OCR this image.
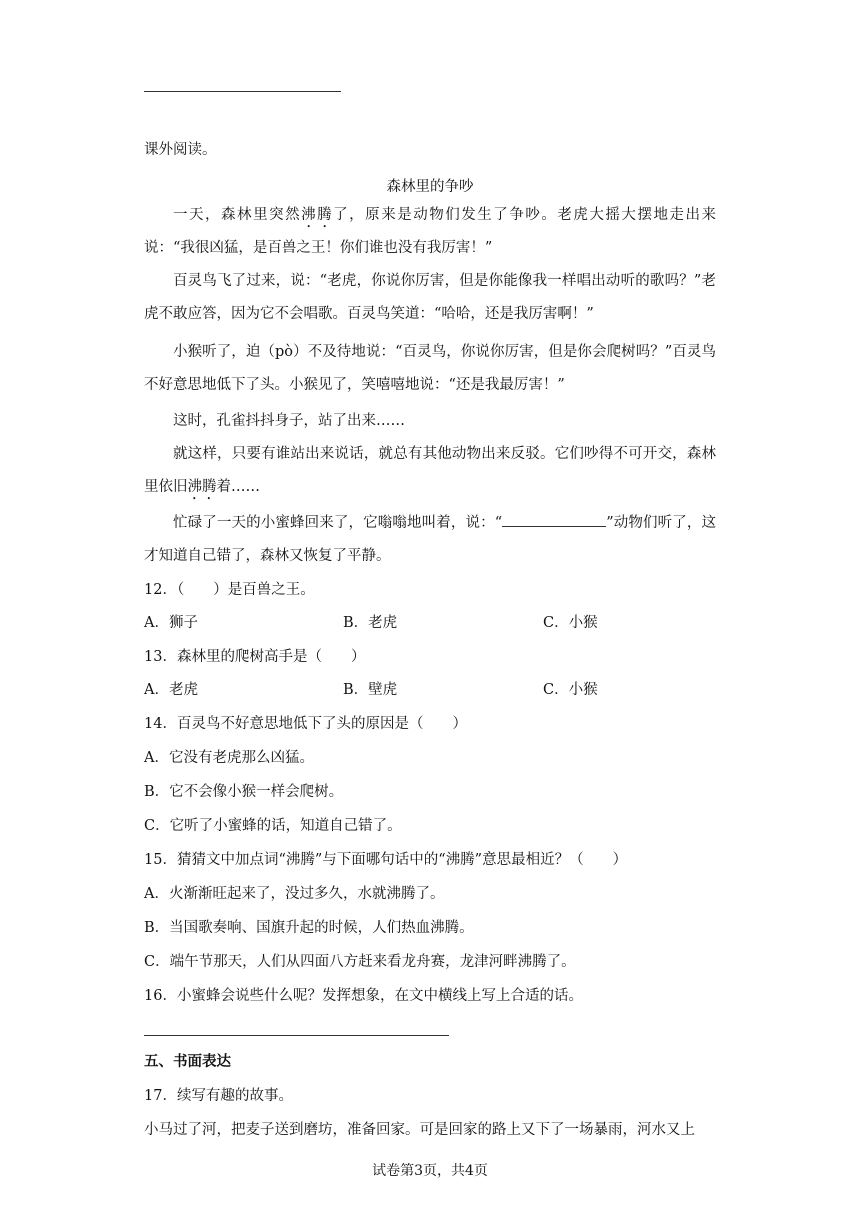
课外阅读。
森林里的争吵
一天，森林里突然沸腾了，原来是动物们发生了争吵。老虎大摇大摆地走出来说：“我很凶猛，是百兽之王！你们谁也没有我厉害！”
百灵鸟飞了过来，说：“老虎，你说你厉害，但是你能像我一样唱出动听的歌吗？”老虎不敢应答，因为它不会唱歌。百灵鸟笑道：“哈哈，还是我厉害啊！”
小猴听了，迫（pò）不及待地说：“百灵鸟，你说你厉害，但是你会爬树吗？”百灵鸟不好意思地低下了头。小猴见了，笑嘻嘻地说：“还是我最厉害！”
这时，孔雀抖抖身子，站了出来……
就这样，只要有谁站出来说话，就总有其他动物出来反驳。它们吵得不可开交，森林里依旧沸腾着……
忙碌了一天的小蜜蜂回来了，它嗡嗡地叫着，说：“	”动物们听了，这才知道自己错了，森林又恢复了平静。
12．（　　）是百兽之王。
A．狮子	B．老虎	C．小猴
13．森林里的爬树高手是（　　）
A．老虎	B．壁虎	C．小猴
14．百灵鸟不好意思地低下了头的原因是（　　）
A．它没有老虎那么凶猛。
B．它不会像小猴一样会爬树。
C．它听了小蜜蜂的话，知道自己错了。
15．猜猜文中加点词“沸腾”与下面哪句话中的“沸腾”意思最相近？（　　）
A．火渐渐旺起来了，没过多久，水就沸腾了。
B．当国歌奏响、国旗升起的时候，人们热血沸腾。
C．端午节那天，人们从四面八方赶来看龙舟赛，龙津河畔沸腾了。
16．小蜜蜂会说些什么呢？发挥想象，在文中横线上写上合适的话。
五、书面表达
17．续写有趣的故事。
小马过了河，把麦子送到磨坊，准备回家。可是回家的路上又下了一场暴雨，河水又上
试卷第3页，共4页
